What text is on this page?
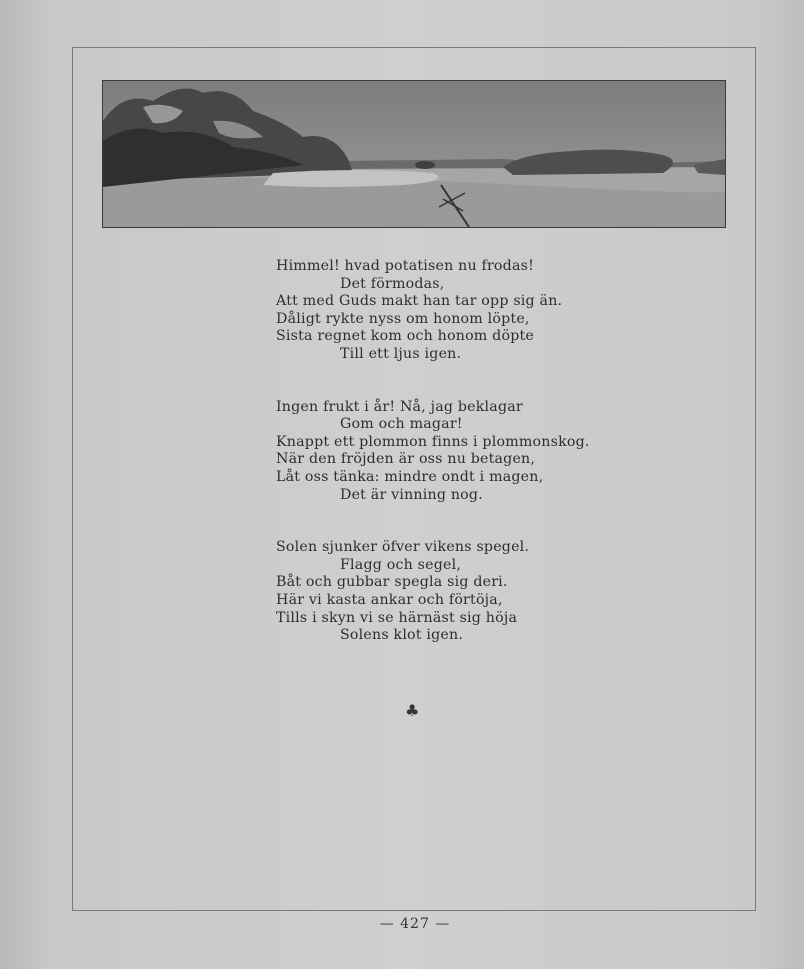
Himmel! hvad potatisen nu frodas!
Det förmodas,
Att med Guds makt han tar opp sig än.
Dåligt rykte nyss om honom löpte,
Sista regnet kom och honom döpte
Till ett ljus igen.
Ingen frukt i år! Nå, jag beklagar
Gom och magar!
Knappt ett plommon finns i plommonskog.
När den fröjden är oss nu betagen,
Låt oss tänka: mindre ondt i magen,
Det är vinning nog.
Solen sjunker öfver vikens spegel.
Flagg och segel,
Båt och gubbar spegla sig deri.
Här vi kasta ankar och förtöja,
Tills i skyn vi se härnäst sig höja
Solens klot igen.
♣
— 427 —
